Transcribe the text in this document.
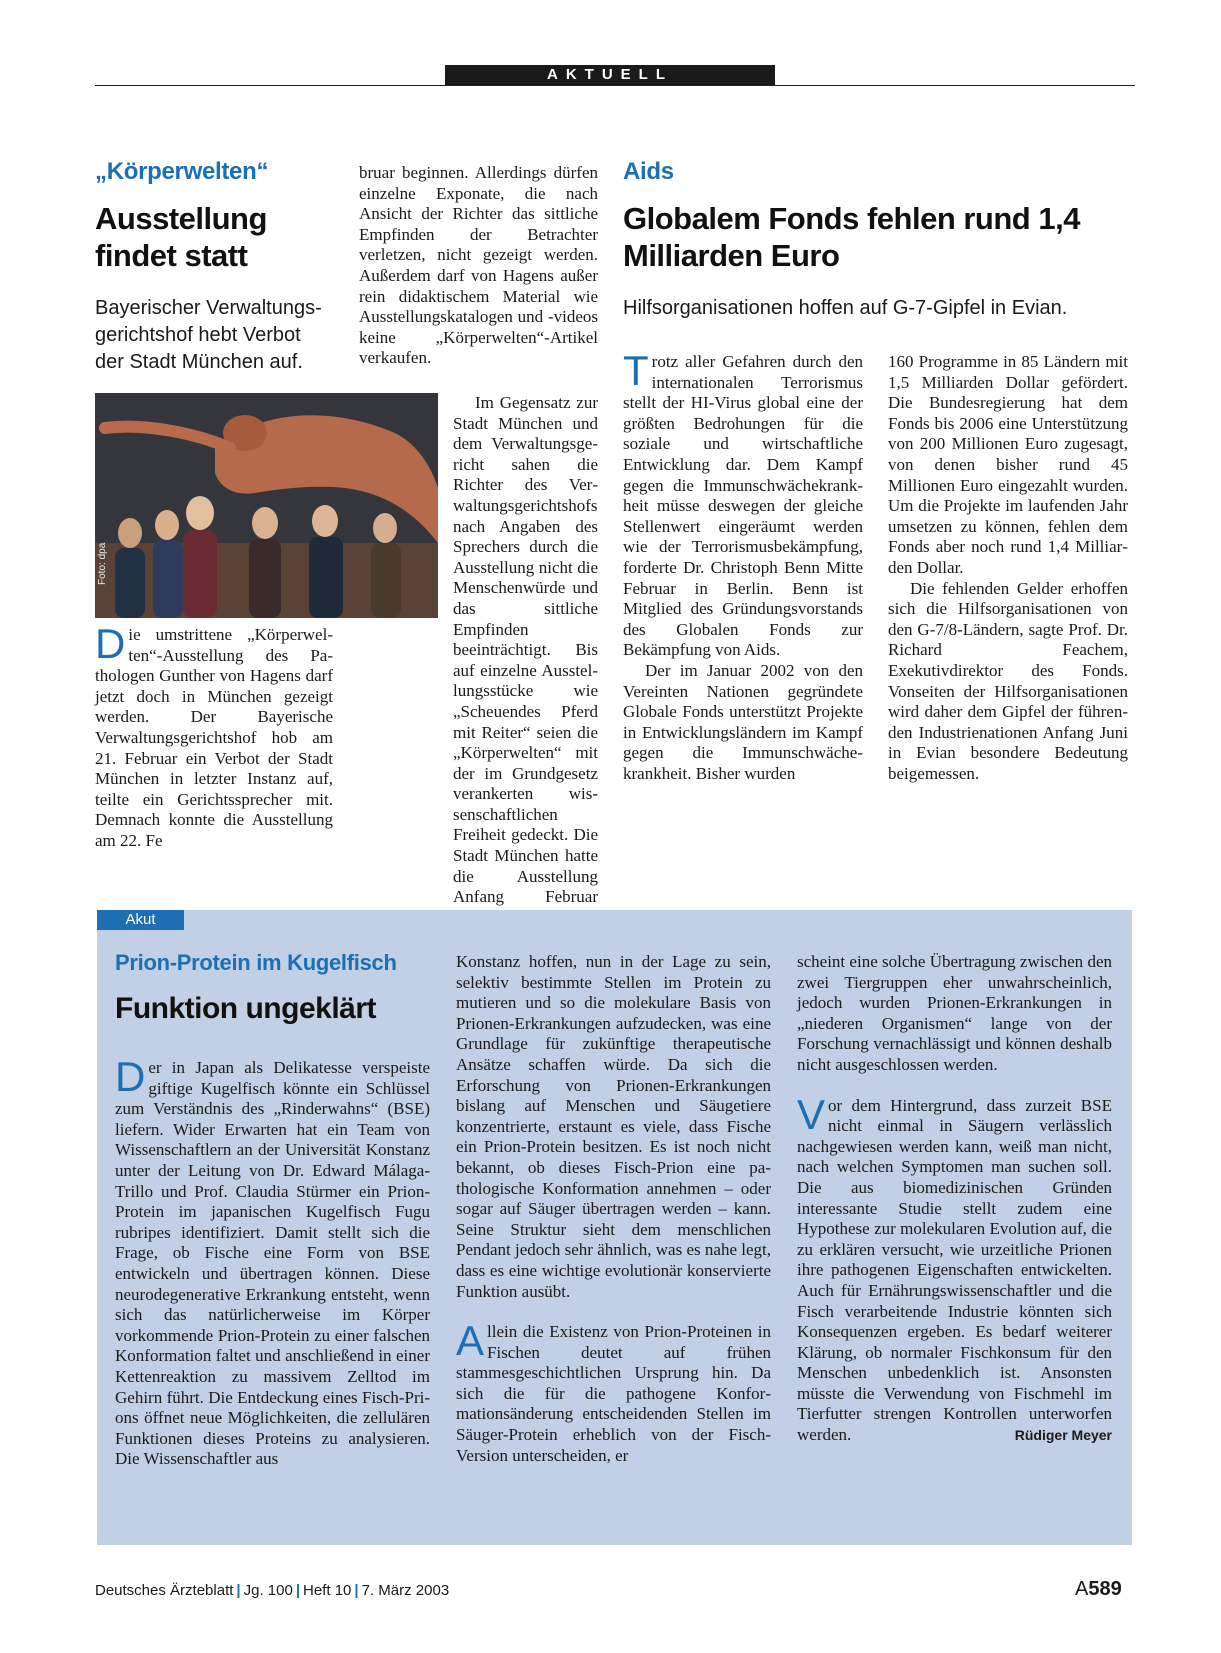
AKTUELL
„Körperwelten“
Ausstellung findet statt
Bayerischer Verwaltungsgerichtshof hebt Verbot der Stadt München auf.
Foto: dpa

Die umstrittene „Körperwelten“-Ausstellung des Pathologen Gunther von Hagens darf jetzt doch in München gezeigt werden. Der Bayerische Verwaltungsgerichtshof hob am 21. Februar ein Verbot der Stadt München in letzter Instanz auf, teilte ein Gerichtssprecher mit. Demnach konnte die Ausstellung am 22. Fe

bruar beginnen. Allerdings dürfen einzelne Exponate, die nach Ansicht der Richter das sittliche Empfinden der Betrachter verletzen, nicht gezeigt werden. Außerdem darf von Hagens außer rein didaktischem Material wie Ausstellungskatalogen und -videos keine „Körperwelten“-Artikel verkaufen.

Im Gegensatz zur Stadt München und dem Verwaltungsgericht sahen die Richter des Verwaltungsgerichtshofs nach Angaben des Sprechers durch die Ausstellung nicht die Menschenwürde und das sittliche Empfinden beeinträchtigt. Bis auf einzelne Ausstellungsstücke wie „Scheuendes Pferd mit Reiter“ seien die „Körperwelten“ mit der im Grundgesetz verankerten wissenschaftlichen Freiheit gedeckt. Die Stadt München hatte die Ausstellung Anfang Februar

Aids
Globalem Fonds fehlen rund 1,4 Milliarden Euro
Hilfsorganisationen hoffen auf G-7-Gipfel in Evian.

Trotz aller Gefahren durch den internationalen Terrorismus stellt der HI-Virus global eine der größten Bedrohungen für die soziale und wirtschaftliche Entwicklung dar. Dem Kampf gegen die Immunschwächekrankheit müsse deswegen der gleiche Stellenwert eingeräumt werden wie der Terrorismusbekämpfung, forderte Dr. Christoph Benn Mitte Februar in Berlin. Benn ist Mitglied des Gründungsvorstands des Globalen Fonds zur Bekämpfung von Aids.

Der im Januar 2002 von den Vereinten Nationen gegründete Globale Fonds unterstützt Projekte in Entwicklungsländern im Kampf gegen die Immunschwächekrankheit. Bisher wurden

160 Programme in 85 Ländern mit 1,5 Milliarden Dollar gefördert. Die Bundesregierung hat dem Fonds bis 2006 eine Unterstützung von 200 Millionen Euro zugesagt, von denen bisher rund 45 Millionen Euro eingezahlt wurden. Um die Projekte im laufenden Jahr umsetzen zu können, fehlen dem Fonds aber noch rund 1,4 Milliarden Dollar.

Die fehlenden Gelder erhoffen sich die Hilfsorganisationen von den G-7/8-Ländern, sagte Prof. Dr. Richard Feachem, Exekutivdirektor des Fonds. Vonseiten der Hilfsorganisationen wird daher dem Gipfel der führenden Industrienationen Anfang Juni in Evian besondere Bedeutung beigemessen.

Akut
Prion-Protein im Kugelfisch
Funktion ungeklärt

Der in Japan als Delikatesse verspeiste giftige Kugelfisch könnte ein Schlüssel zum Verständnis des „Rinderwahns“ (BSE) liefern. Wider Erwarten hat ein Team von Wissenschaftlern an der Universität Konstanz unter der Leitung von Dr. Edward Málaga-Trillo und Prof. Claudia Stürmer ein Prion-Protein im japanischen Kugelfisch Fugu rubripes identifiziert. Damit stellt sich die Frage, ob Fische eine Form von BSE entwickeln und übertragen können. Diese neurodegenerative Erkrankung entsteht, wenn sich das natürlicherweise im Körper vorkommende Prion-Protein zu einer falschen Konformation faltet und anschließend in einer Kettenreaktion zu massivem Zelltod im Gehirn führt. Die Entdeckung eines Fisch-Prions öffnet neue Möglichkeiten, die zellulären Funktionen dieses Proteins zu analysieren. Die Wissenschaftler aus

Konstanz hoffen, nun in der Lage zu sein, selektiv bestimmte Stellen im Protein zu mutieren und so die molekulare Basis von Prionen-Erkrankungen aufzudecken, was eine Grundlage für zukünftige therapeutische Ansätze schaffen würde. Da sich die Erforschung von Prionen-Erkrankungen bislang auf Menschen und Säugetiere konzentrierte, erstaunt es viele, dass Fische ein Prion-Protein besitzen. Es ist noch nicht bekannt, ob dieses Fisch-Prion eine pathologische Konformation annehmen – oder sogar auf Säuger übertragen werden – kann. Seine Struktur sieht dem menschlichen Pendant jedoch sehr ähnlich, was es nahe legt, dass es eine wichtige evolutionär konservierte Funktion ausübt.

Allein die Existenz von Prion-Proteinen in Fischen deutet auf frühen stammesgeschichtlichen Ursprung hin. Da sich die für die pathogene Konformationsänderung entscheidenden Stellen im Säuger-Protein erheblich von der Fisch-Version unterscheiden, er

scheint eine solche Übertragung zwischen den zwei Tiergruppen eher unwahrscheinlich, jedoch wurden Prionen-Erkrankungen in „niederen Organismen“ lange von der Forschung vernachlässigt und können deshalb nicht ausgeschlossen werden.

Vor dem Hintergrund, dass zurzeit BSE nicht einmal in Säugern verlässlich nachgewiesen werden kann, weiß man nicht, nach welchen Symptomen man suchen soll. Die aus biomedizinischen Gründen interessante Studie stellt zudem eine Hypothese zur molekularen Evolution auf, die zu erklären versucht, wie urzeitliche Prionen ihre pathogenen Eigenschaften entwickelten. Auch für Ernährungswissenschaftler und die Fisch verarbeitende Industrie könnten sich Konsequenzen ergeben. Es bedarf weiterer Klärung, ob normaler Fischkonsum für den Menschen unbedenklich ist. Ansonsten müsste die Verwendung von Fischmehl im Tierfutter strengen Kontrollen unterworfen werden.	Rüdiger Meyer

Deutsches Ärzteblatt | Jg. 100 | Heft 10 | 7. März 2003	A589
